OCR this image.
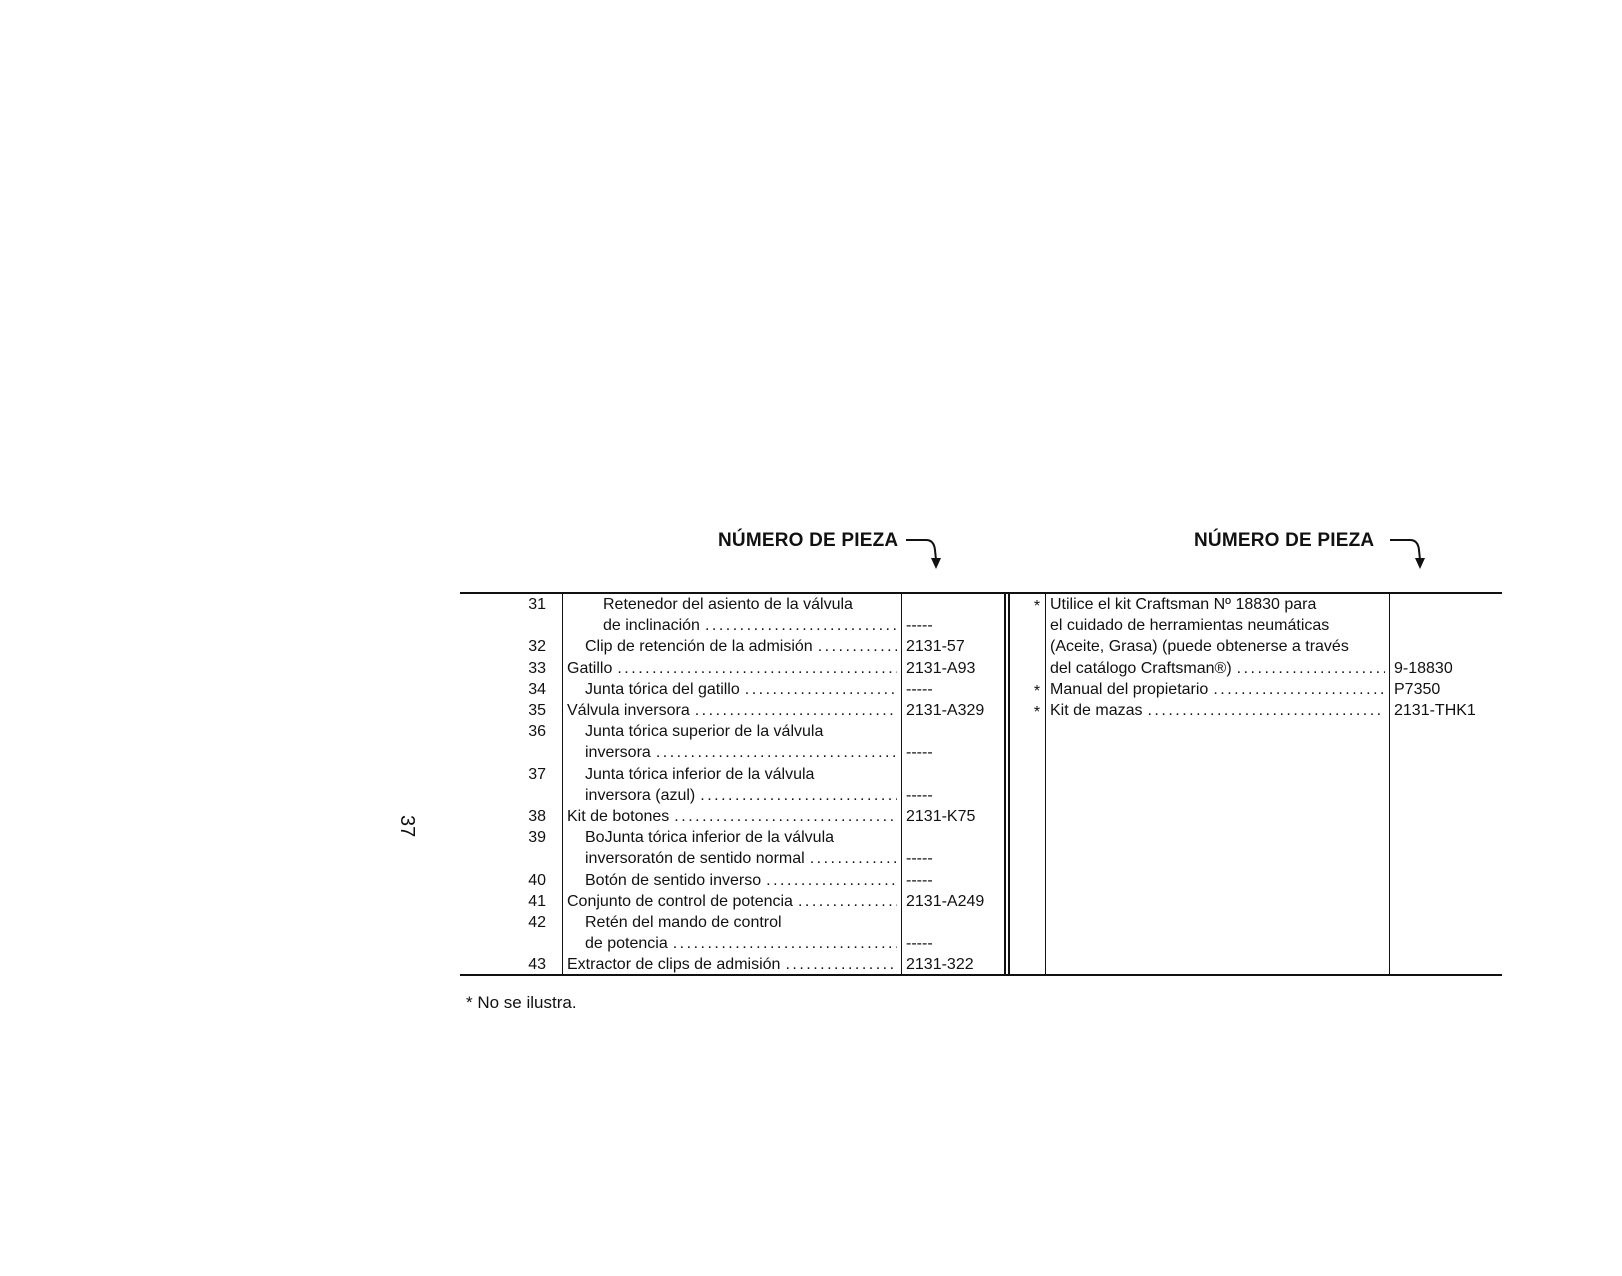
NÚMERO DE PIEZA	NÚMERO DE PIEZA
37
31	Retenedor del asiento de la válvula
de inclinación .....	-----
32 Clip de retención de la admisión .....	2131-57
33 Gatillo .....	2131-A93
34 Junta tórica del gatillo .....	-----
35 Válvula inversora .....	2131-A329
36 Junta tórica superior de la válvula
inversora .....	-----
37 Junta tórica inferior de la válvula
inversora (azul) .....	-----
38 Kit de botones .....	2131-K75
39 BoJunta tórica inferior de la válvula
inversoratón de sentido normal .....	-----
40 Botón de sentido inverso .....	-----
41 Conjunto de control de potencia .....	2131-A249
42 Retén del mando de control
de potencia .....	-----
43 Extractor de clips de admisión .....	2131-322
* Utilice el kit Craftsman Nº 18830 para
el cuidado de herramientas neumáticas
(Aceite, Grasa) (puede obtenerse a través
del catálogo Craftsman®) .....	9-18830
* Manual del propietario .....	P7350
* Kit de mazas .....	2131-THK1
* No se ilustra.
